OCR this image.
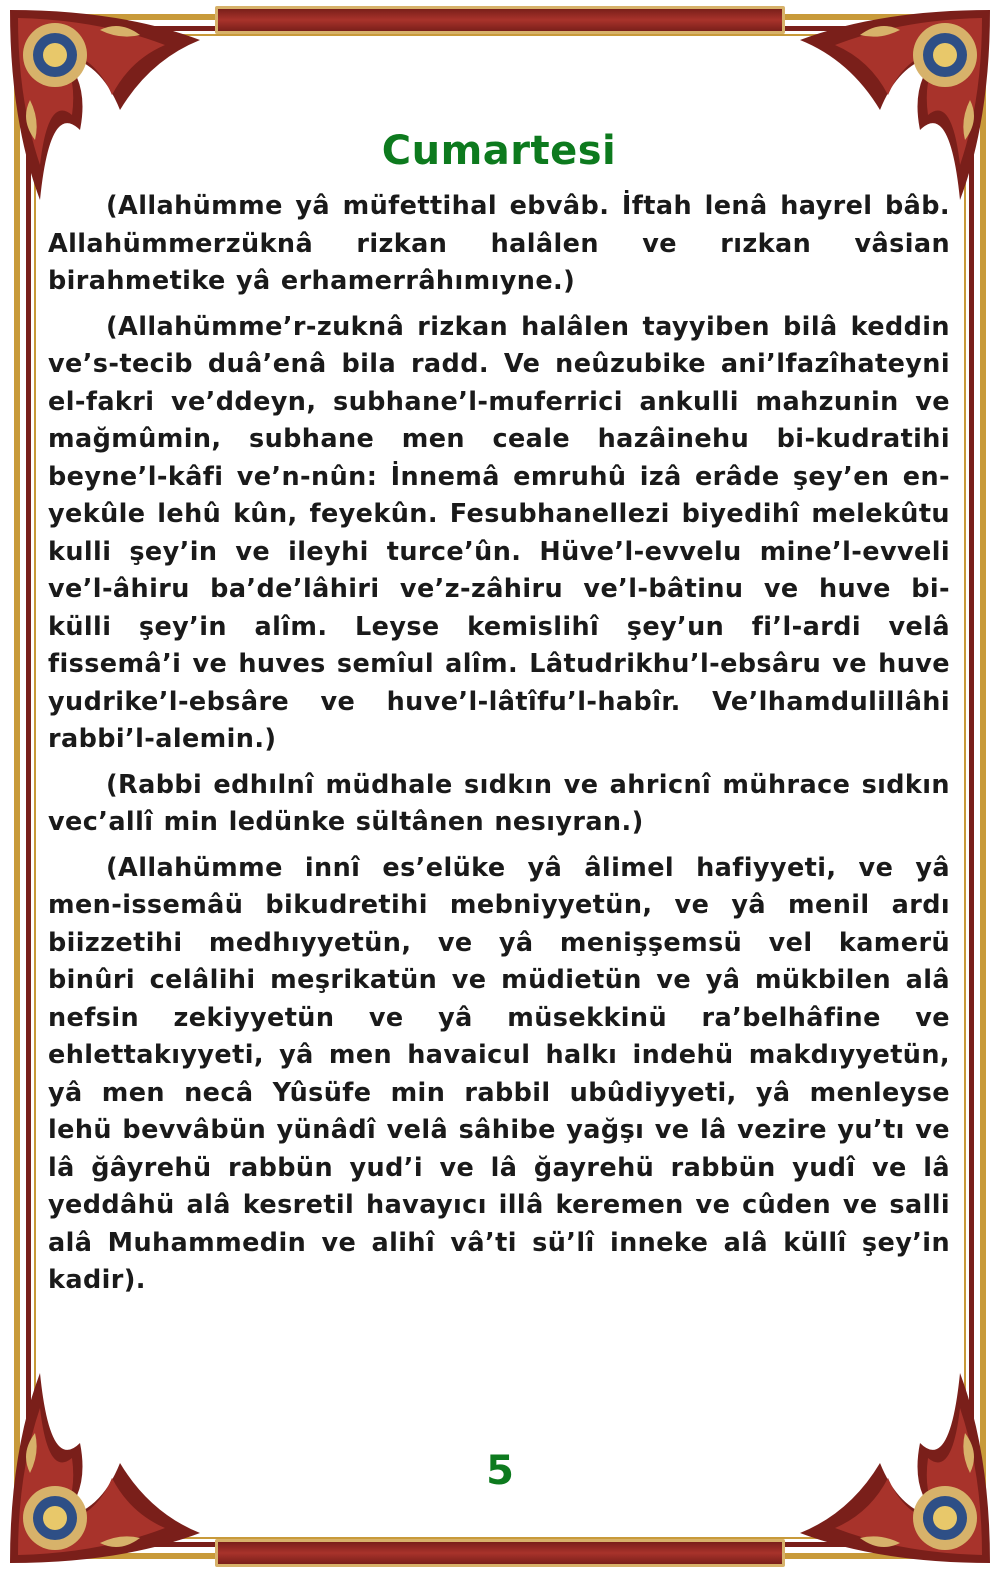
Cumartesi

(Allahümme yâ müfettihal ebvâb. İftah lenâ hayrel bâb. Allahümmerzüknâ rizkan halâlen ve rızkan vâsian birahmetike yâ erhamerrâhımıyne.)

(Allahümme’r-zuknâ rizkan halâlen tayyiben bilâ keddin ve’s-tecib duâ’enâ bila radd. Ve neûzubike ani’lfazîhateyni el-fakri ve’ddeyn, subhane’l-muferrici ankulli mahzunin ve mağmûmin, subhane men ceale hazâinehu bi-kudratihi beyne’l-kâfi ve’n-nûn: İnnemâ emruhû izâ erâde şey’en en-yekûle lehû kûn, feyekûn. Fesubhanellezi biyedihî melekûtu kulli şey’in ve ileyhi turce’ûn. Hüve’l-evvelu mine’l-evveli ve’l-âhiru ba’de’lâhiri ve’z-zâhiru ve’l-bâtinu ve huve bi-külli şey’in alîm. Leyse kemislihî şey’un fi’l-ardi velâ fissemâ’i ve huves semîul alîm. Lâtudrikhu’l-ebsâru ve huve yudrike’l-ebsâre ve huve’l-lâtîfu’l-habîr. Ve’lhamdulillâhi rabbi’l-alemin.)

(Rabbi edhılnî müdhale sıdkın ve ahricnî mührace sıdkın vec’allî min ledünke sültânen nesıyran.)

(Allahümme innî es’elüke yâ âlimel hafiyyeti, ve yâ men-issemâü bikudretihi mebniyyetün, ve yâ menil ardı biizzetihi medhıyyetün, ve yâ menişşemsü vel kamerü binûri celâlihi meşrikatün ve müdietün ve yâ mükbilen alâ nefsin zekiyyetün ve yâ müsekkinü ra’belhâfine ve ehlettakıyyeti, yâ men havaicul halkı indehü makdıyyetün, yâ men necâ Yûsüfe min rabbil ubûdiyyeti, yâ menleyse lehü bevvâbün yünâdî velâ sâhibe yağşı ve lâ vezire yu’tı ve lâ ğâyrehü rabbün yud’i ve lâ ğayrehü rabbün yudî ve lâ yeddâhü alâ kesretil havayıcı illâ keremen ve cûden ve salli alâ Muhammedin ve alihî vâ’ti sü’lî inneke alâ küllî şey’in kadir).

5
